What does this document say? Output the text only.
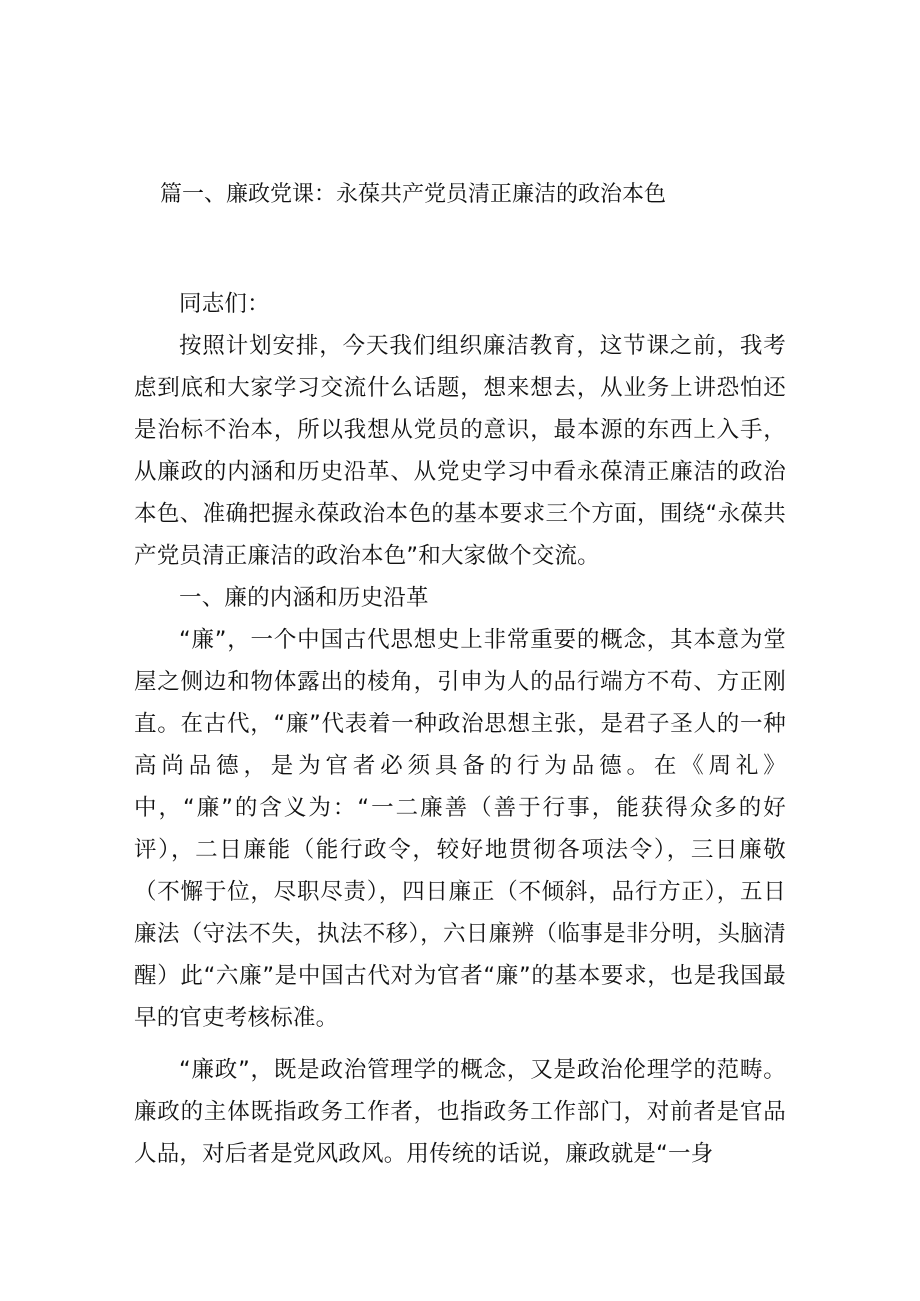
篇一、廉政党课：永葆共产党员清正廉洁的政治本色

同志们：

按照计划安排，今天我们组织廉洁教育，这节课之前，我考虑到底和大家学习交流什么话题，想来想去，从业务上讲恐怕还是治标不治本，所以我想从党员的意识，最本源的东西上入手，从廉政的内涵和历史沿革、从党史学习中看永葆清正廉洁的政治本色、准确把握永葆政治本色的基本要求三个方面，围绕“永葆共产党员清正廉洁的政治本色”和大家做个交流。

一、廉的内涵和历史沿革

“廉”，一个中国古代思想史上非常重要的概念，其本意为堂屋之侧边和物体露出的棱角，引申为人的品行端方不苟、方正刚直。在古代，“廉”代表着一种政治思想主张，是君子圣人的一种高尚品德，是为官者必须具备的行为品德。在《周礼》中，“廉”的含义为：“一二廉善（善于行事，能获得众多的好评），二日廉能（能行政令，较好地贯彻各项法令），三日廉敬（不懈于位，尽职尽责），四日廉正（不倾斜，品行方正），五日廉法（守法不失，执法不移），六日廉辨（临事是非分明，头脑清醒）此“六廉”是中国古代对为官者“廉”的基本要求，也是我国最早的官吏考核标准。

“廉政”，既是政治管理学的概念，又是政治伦理学的范畴。廉政的主体既指政务工作者，也指政务工作部门，对前者是官品人品，对后者是党风政风。用传统的话说，廉政就是“一身
